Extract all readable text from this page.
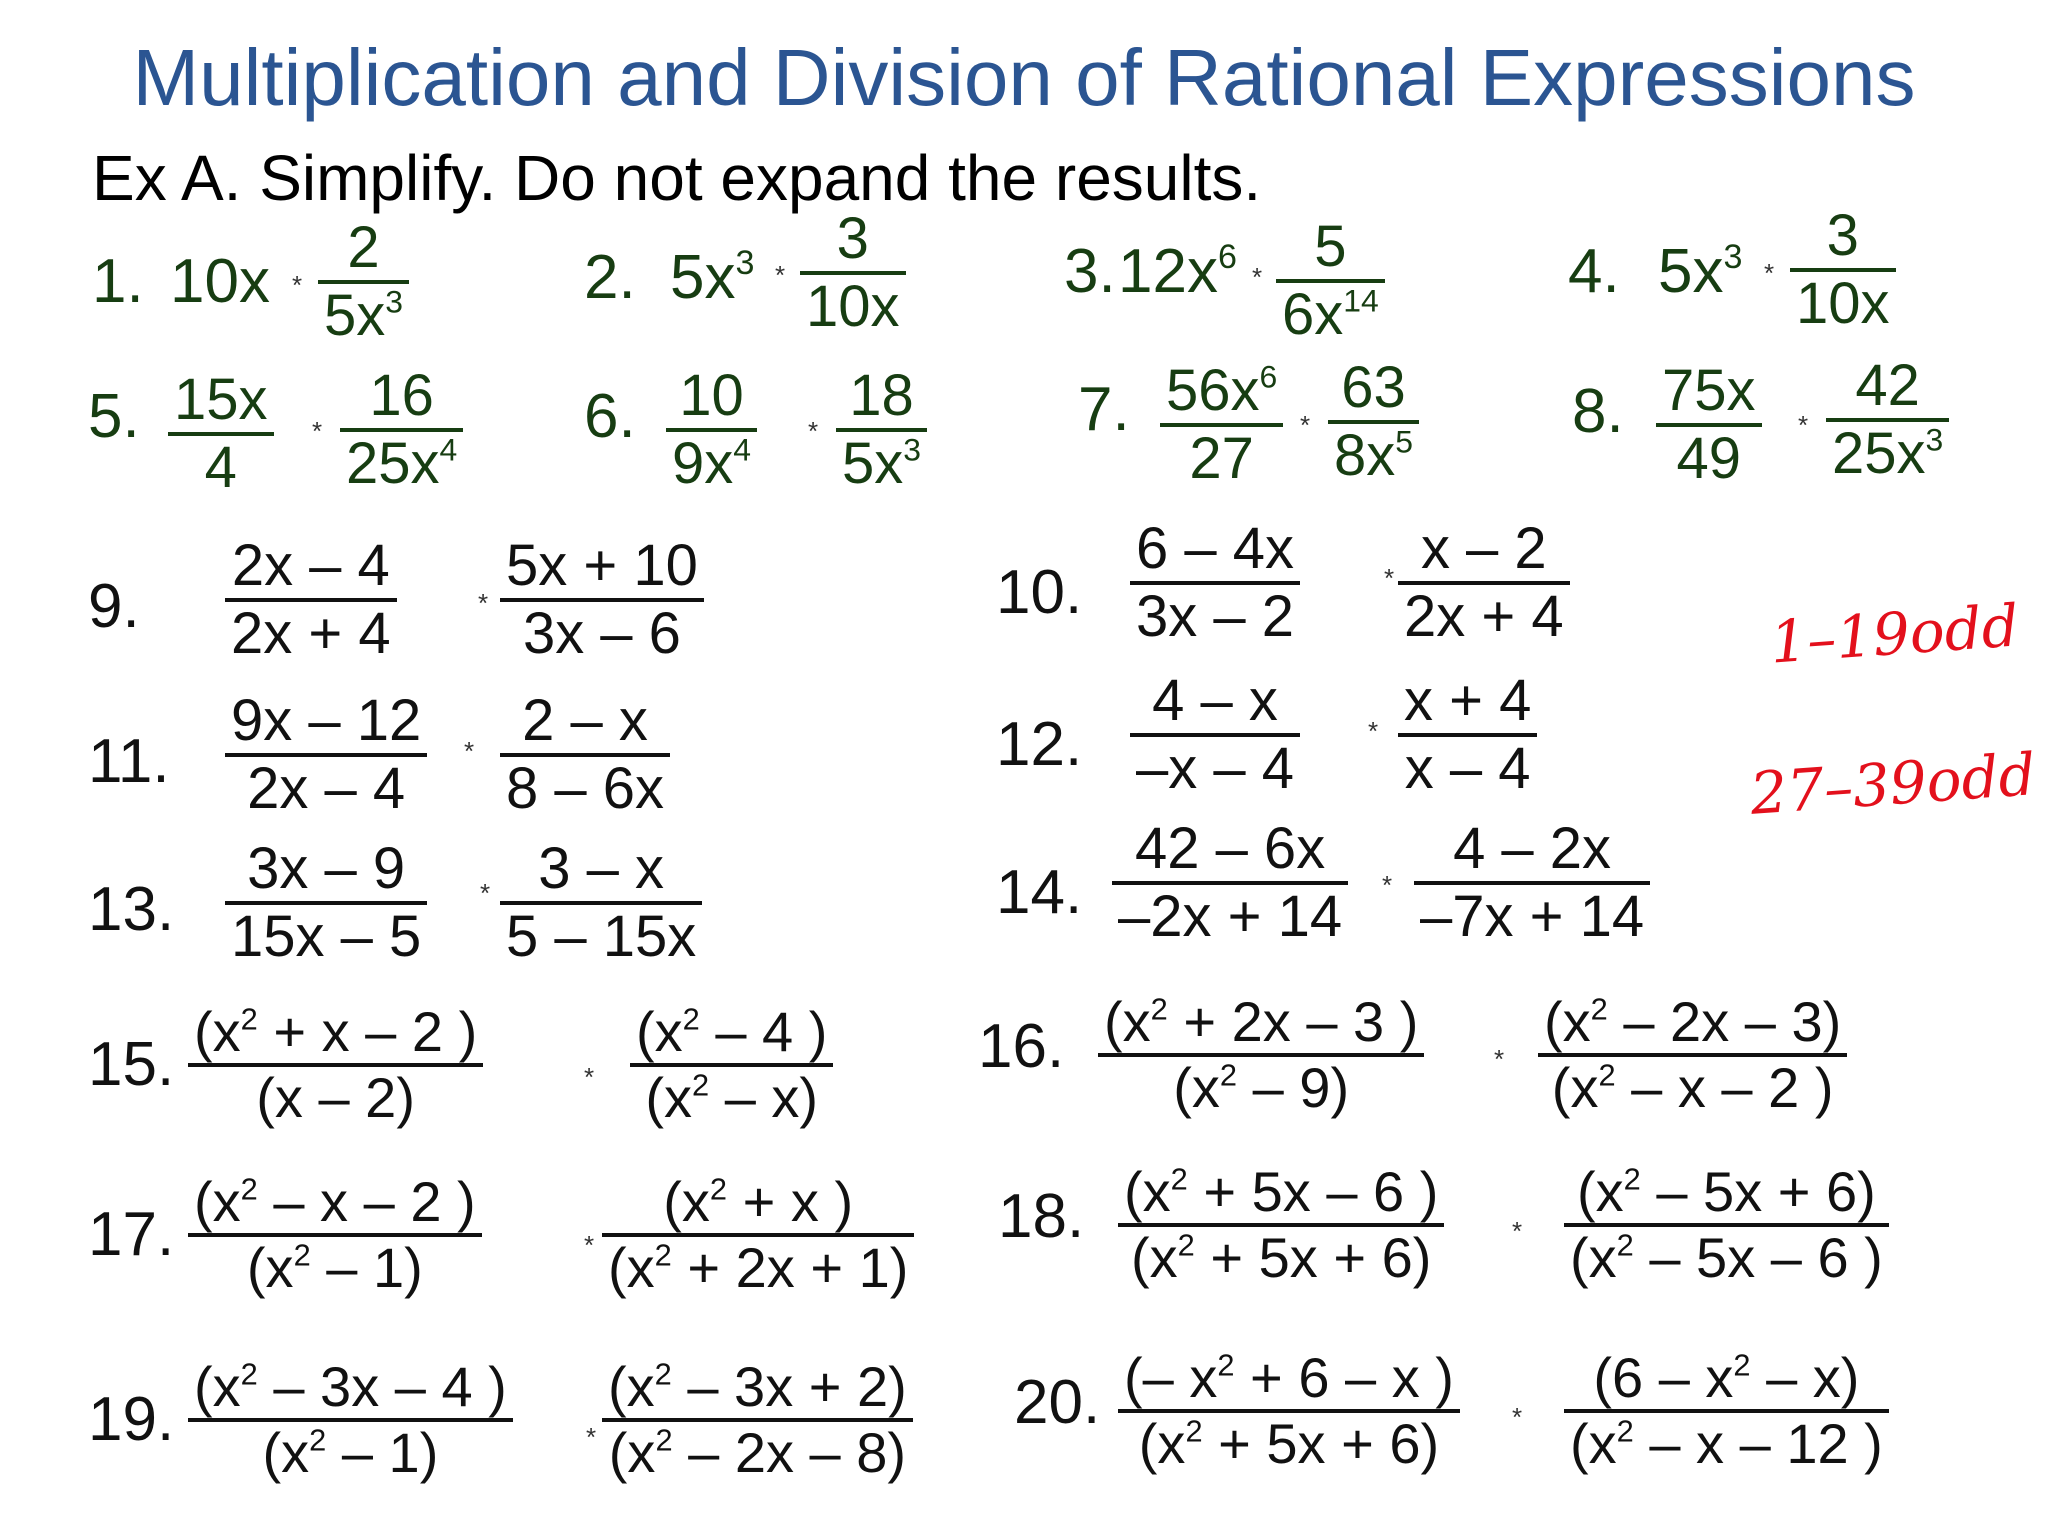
Multiplication and Division of Rational Expressions
Ex A. Simplify. Do not expand the results.
1. 10x *
2
$5x^3$	2. $5x^3$ *
3
10x
3. $12x^6$
* 5
$6x^{14}$	4. $5x^3$ *
3
10x
5. 15x
4
*
16
$25x^4$ 6. 10
$9x^4$
*
18
$5x^3$
7. $56x^6$
27
*
63
$8x^5$	8. 75x
49
*
42
$25x^3$
9.
2x – 4
2x + 4	*
5x + 10
3x – 6
10.
6 – 4x
3x – 2
* x – 2
2x + 4
11.
9x – 12
2x – 4
* 2 – x
8 – 6x
12.
4 – x
–x – 4
* x + 4
x – 4
13.
3x – 9
15x – 5
* 3 – x
5 – 15x
14.
42 – 6x
–2x + 14 *
4 – 2x
–7x + 14
15. ($x^2 + x - 2$ )
(x – 2)	*
($x^2 - 4$ )
$(x^2 - x)$
16. ($x^2 + 2x - 3$ )
$(x^2 - 9)$	*
$(x^2 - 2x - 3)$
($x^2$ – x – 2 )
17. ($x^2$ – x – 2 )
$(x^2 - 1)$	*
($x^2 + x$ )
$(x^2 + 2x + 1)$
18. ($x^2 + 5x - 6$ )
$(x^2 + 5x + 6)$	*
$(x^2 - 5x + 6)$
($x^2 - 5x - 6$ )
19. ($x^2 - 3x - 4$ )
$(x^2 - 1)$	*
$(x^2 - 3x + 2)$
$(x^2 - 2x - 8)$
20. (– $x^2 + 6 - x$ )
$(x^2 + 5x + 6)$	*
$(6 - x^2 - x)$
($x^2$ – x – 12 )
1–19odd
27–39odd
